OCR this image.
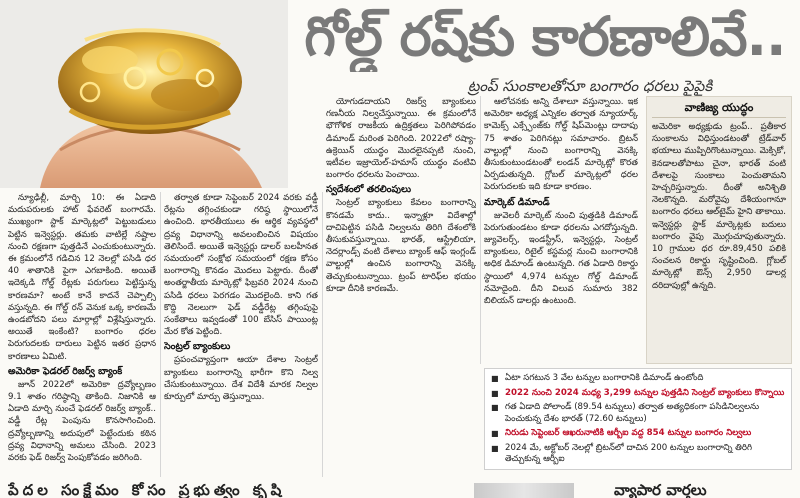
గోల్డ్ రష్‌కు కారణాలివే..
ట్రంప్ సుంకాలతోనూ బంగారం ధరలు పైపైకి

న్యూఢిల్లీ, మార్చి 10: ఈ ఏడాది మదుపరులకు హాట్ ఫేవరెట్ బంగారమే. ముఖ్యంగా స్టాక్ మార్కెట్లలో పెట్టుబడులు పెట్టిన ఇన్వెస్టర్లు. తమకు వాటిల్లే నష్టాల నుంచి రక్షణగా పుత్తడినే ఎంచుకుంటున్నారు. ఈ క్రమంలోనే గడిచిన 12 నెలల్లో పసిడి ధర 40 శాతానికి పైగా ఎగబాకింది. అయితే ఇదెక్కడి గోల్డ్ రేట్లకు పరుగులు పెట్టిస్తున్న కారణమా? అంటే కానే కాదనే చెప్పాల్సి వస్తున్నది. ఈ గోల్డ్ రన్ వెనుక ఒక్క కారణమే ఉండబోదని పలు మార్గాల్లో విశ్లేషిస్తున్నారు. అయితే ఇంకేంటి? బంగారం ధరల పెరుగుదలకు దారులు పెట్టిన ఇతర ప్రధాన కారణాలు ఏమిటి.

అమెరికా ఫెడరల్ రిజర్వ్ బ్యాంక్

జూన్ 2022లో అమెరికా ద్రవ్యోల్బణం 9.1 శాతం గరిష్ఠాన్ని తాకింది. నిజానికి ఆ ఏడాది మార్చి నుంచే ఫెడరల్ రిజర్వ్ బ్యాంక్.. వడ్డీ రేట్ల పెంపును కొనసాగించింది. ద్రవ్యోల్బణాన్ని అదుపులో పెట్టేందుకు కఠిన ద్రవ్య విధానాన్ని అమలు చేసింది. 2023 వరకు ఫెడ్ రిజర్వ్ పెంపుకోవడం జరిగింది.

తర్వాత కూడా సెప్టెంబర్ 2024 వరకు వడ్డీ రేట్లను తగ్గించకుండా గరిష్ఠ స్థాయిలోనే ఉంచింది. భారతీయులు ఈ ఆర్థిక వ్యవస్థలో ద్రవ్య విధానాన్ని అవలంబించిన విషయం తెలిసిందే. అయితే ఇన్వెస్టర్లు డాలర్ బలహీనత సమయంలో సంక్షోభ సమయంలో రక్షణ కోసం బంగారాన్ని కొనడం మొదలు పెట్టారు. దీంతో అంతర్జాతీయ మార్కెట్లో ఫిబ్రవరి 2024 నుంచి పసిడి ధరలు పెరగడం మొదలైంది. కాని గత కొద్ది నెలలుగా ఫెడ్ వడ్డీరేట్ల తగ్గింపుపై సంకేతాలు ఇవ్వడంతో 100 బేసిస్ పాయింట్ల మేర కోత పెట్టింది.

సెంట్రల్ బ్యాంకులు

ప్రపంచవ్యాప్తంగా ఆయా దేశాల సెంట్రల్ బ్యాంకులు బంగారాన్ని భారీగా కొని నిల్వ చేసుకుంటున్నాయి. దేశ విదేశీ మారక నిల్వల కూర్పులో మార్పు తెస్తున్నాయి.

యోగుడదాయని రిజర్వ్ బ్యాంకులు గణనీయ నిల్వచేస్తున్నాయి. ఈ క్రమంలోనే భౌగోళిక రాజకీయ ఉద్రిక్తతలు పెరిగిపోవడం డిమాండ్ మరింత పెరిగింది. 2022లో రష్యా-ఉక్రెయిన్ యుద్ధం మొదలైనప్పటి నుంచి, ఇటీవల ఇజ్రాయెల్-హమాస్ యుద్ధం వంటివి బంగారం ధరలను పెంచాయి.

స్వదేశంలో తరలింపులు

సెంట్రల్ బ్యాంకులు కేవలం బంగారాన్ని కొనడమే కాదు.. ఇన్నాళ్లూ విదేశాల్లో దాచిపెట్టిన పసిడి నిల్వలను తిరిగి దేశంలోకి తీసుకువస్తున్నాయి. భారత్, ఆస్ట్రేలియా, నెదర్లాండ్స్ వంటి దేశాలు బ్యాంక్ ఆఫ్ ఇంగ్లండ్ వాల్టుల్లో ఉంచిన బంగారాన్ని వెనక్కి తెచ్చుకుంటున్నాయి. ట్రంప్ టారిఫ్‌ల భయం కూడా దీనికి కారణమే.

ఆలోచనకు అన్ని దేశాలూ వస్తున్నాయి. ఇక అమెరికా అధ్యక్ష ఎన్నికల తర్వాత న్యూయార్క్ కామెక్స్ ఎక్స్ఛేంజ్‌కు గోల్డ్ షిప్‌మెంట్లు దాదాపు 75 శాతం పెరిగినట్లు సమాచారం. బ్రిటన్ వాల్టుల్లో నుంచి బంగారాన్ని వెనక్కి తీసుకుంటుండటంతో లండన్ మార్కెట్లో కొరత ఏర్పడుతున్నది. గ్లోబల్ మార్కెట్లలో ధరల పెరుగుదలకు ఇది కూడా కారణం.

మార్కెట్ డిమాండ్

జువెలరీ మార్కెట్ నుంచి పుత్తడికి డిమాండ్ పెరుగుతుండటం కూడా ధరలను ఎగదోస్తున్నది. జ్యువెలర్స్, ఇండస్ట్రీస్, ఇన్వెస్టర్లు, సెంట్రల్ బ్యాంకులు, రిటైల్ కస్టమర్ల నుంచి బంగారానికి అధిక డిమాండ్ ఉంటున్నది. గత ఏడాది రికార్డు స్థాయిలో 4,974 టన్నుల గోల్డ్ డిమాండ్ నమోదైంది. దీని విలువ సుమారు 382 బిలియన్ డాలర్లు ఉంటుంది.

వాణిజ్య యుద్ధం
అమెరికా అధ్యక్షుడు ట్రంప్.. ప్రతీకార సుంకాలను విధిస్తుండటంతో ట్రేడ్‌వార్ భయాలు ముప్పిరిగొంటున్నాయి. మెక్సికో, కెనడాలతోపాటు చైనా, భారత్ వంటి దేశాలపై సుంకాలు పెంచుతామని హెచ్చరిస్తున్నారు. దీంతో అనిశ్చితి నెలకొన్నది. మరోవైపు దేశీయంగానూ బంగారం ధరలు ఆల్‌టైమ్ హైని తాకాయి. ఇన్వెస్టర్లు స్టాక్ మార్కెట్లకు బదులు బంగారం వైపు మొగ్గుచూపుతున్నారు. 10 గ్రాముల ధర రూ.89,450 పలికి సంచలన రికార్డు సృష్టించింది. గ్లోబల్ మార్కెట్లో ఔన్స్ 2,950 డాలర్ల దరిదాపుల్లో ఉన్నది.
■ ఏటా సగటున 3 వేల టన్నుల బంగారానికి డిమాండ్ ఉంటోంది
■ 2022 నుంచి 2024 మధ్య 3,299 టన్నుల పుత్తడిని సెంట్రల్ బ్యాంకులు కొన్నాయి
■ గత ఏడాది పోలాండ్ (89.54 టన్నులు) తర్వాత అత్యధికంగా పసిడినిల్వలను పెంచుకున్న దేశం భారత్ (72.60 టన్నులు)
■ నిరుడు సెప్టెంబర్ ఆఖరునాటికి ఆర్బీఐ వద్ద 854 టన్నుల బంగారం నిల్వలు
■ 2024 మే, అక్టోబర్ నెలల్లో బ్రిటన్‌లో దాచిన 200 టన్నుల బంగారాన్ని తిరిగి తెచ్చుకున్న ఆర్బీఐ
పేదల సంక్షేమం కోసం ప్రభుత్వం కృషి	వ్యాపార వార్తలు
